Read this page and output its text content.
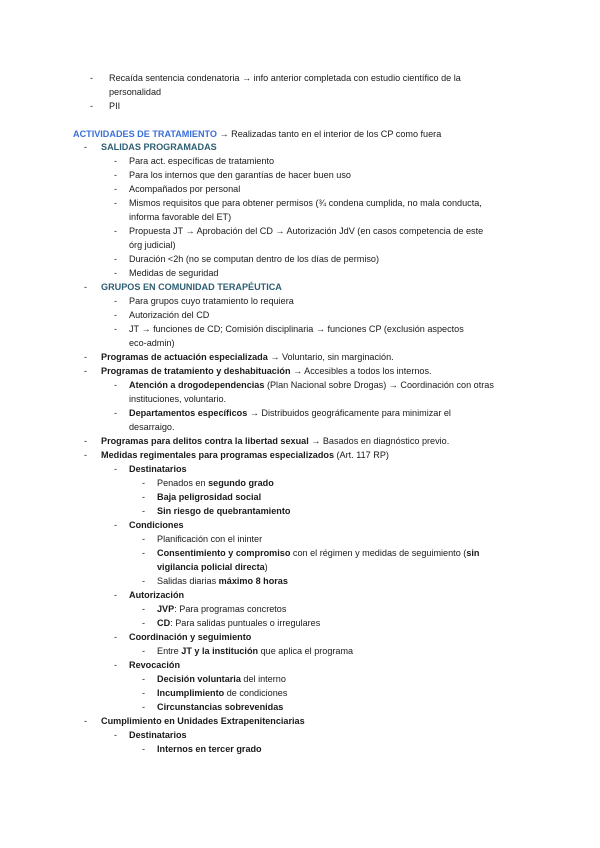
- Recaída sentencia condenatoria → info anterior completada con estudio científico de la
personalidad
- PII
ACTIVIDADES DE TRATAMIENTO → Realizadas tanto en el interior de los CP como fuera
- SALIDAS PROGRAMADAS
- Para act. específicas de tratamiento
- Para los internos que den garantías de hacer buen uso
- Acompañados por personal
- Mismos requisitos que para obtener permisos (¾ condena cumplida, no mala conducta,
informa favorable del ET)
- Propuesta JT → Aprobación del CD → Autorización JdV (en casos competencia de este
órg judicial)
- Duración <2h (no se computan dentro de los días de permiso)
- Medidas de seguridad
- GRUPOS EN COMUNIDAD TERAPÉUTICA
- Para grupos cuyo tratamiento lo requiera
- Autorización del CD
- JT → funciones de CD; Comisión disciplinaria → funciones CP (exclusión aspectos
eco-admin)
- Programas de actuación especializada → Voluntario, sin marginación.
- Programas de tratamiento y deshabituación → Accesibles a todos los internos.
- Atención a drogodependencias (Plan Nacional sobre Drogas) → Coordinación con otras
instituciones, voluntario.
- Departamentos específicos → Distribuidos geográficamente para minimizar el
desarraigo.
- Programas para delitos contra la libertad sexual → Basados en diagnóstico previo.
- Medidas regimentales para programas especializados (Art. 117 RP)
- Destinatarios
- Penados en segundo grado
- Baja peligrosidad social
- Sin riesgo de quebrantamiento
- Condiciones
- Planificación con el ininter
- Consentimiento y compromiso con el régimen y medidas de seguimiento (sin
vigilancia policial directa)
- Salidas diarias máximo 8 horas
- Autorización
- JVP: Para programas concretos
- CD: Para salidas puntuales o irregulares
- Coordinación y seguimiento
- Entre JT y la institución que aplica el programa
- Revocación
- Decisión voluntaria del interno
- Incumplimiento de condiciones
- Circunstancias sobrevenidas
- Cumplimiento en Unidades Extrapenitenciarias
- Destinatarios
- Internos en tercer grado
